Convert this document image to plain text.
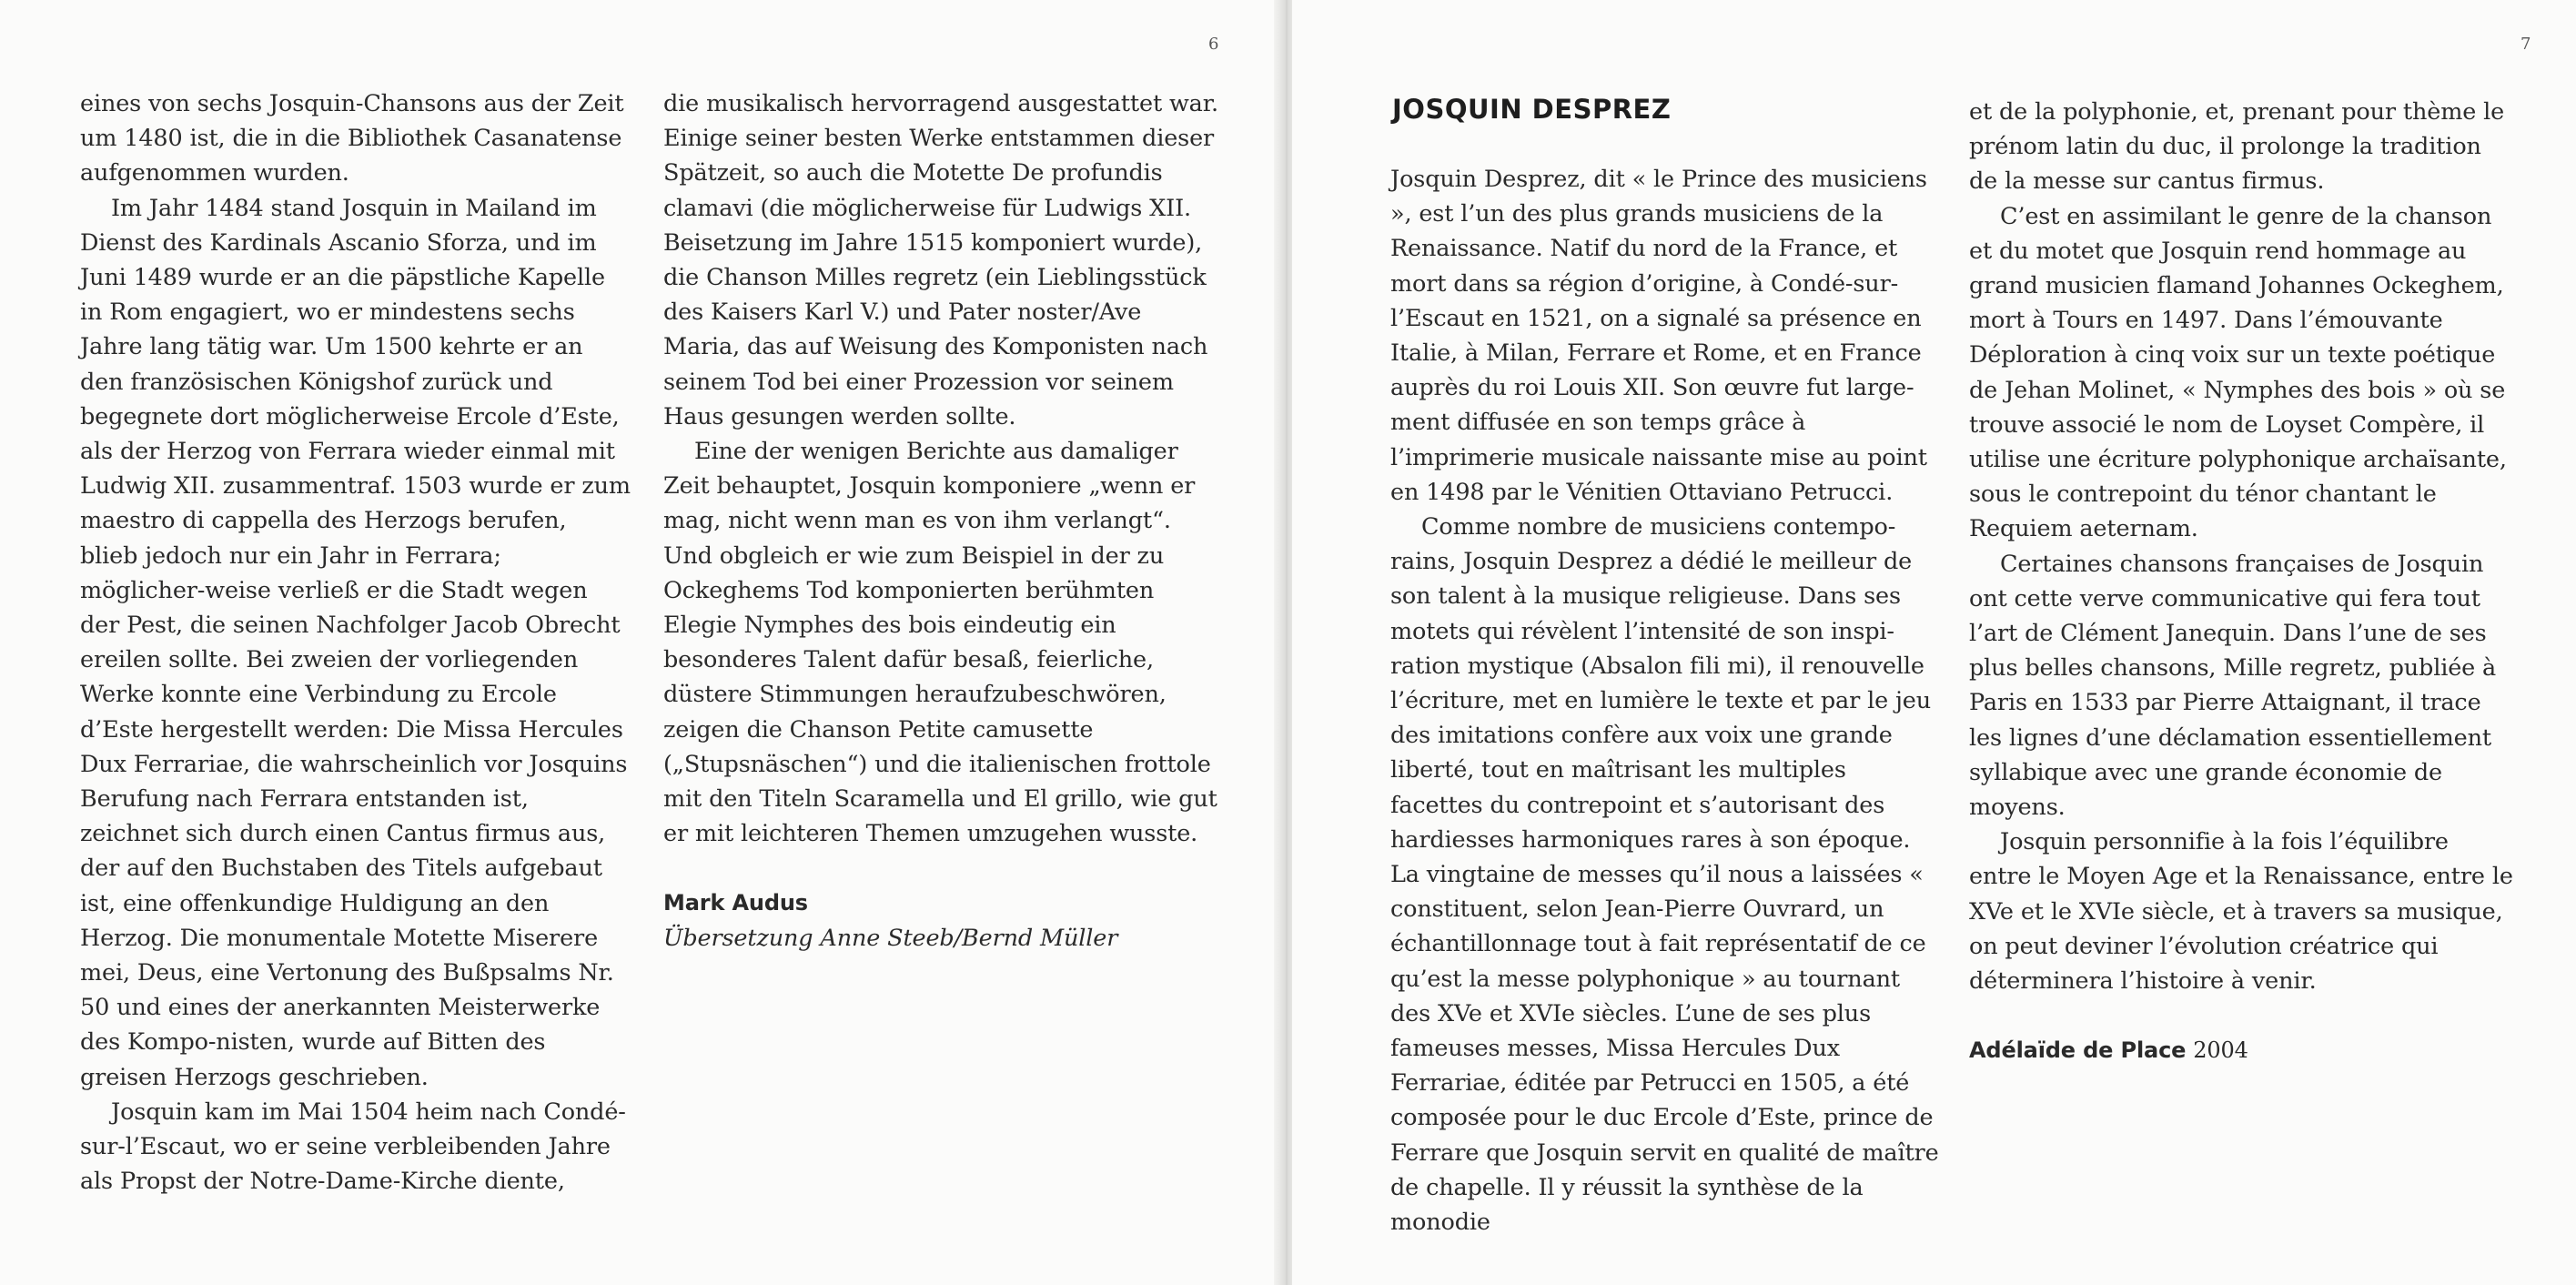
6

eines von sechs Josquin-Chansons aus der Zeit um 1480 ist, die in die Bibliothek Casanatense aufgenommen wurden.

Im Jahr 1484 stand Josquin in Mailand im Dienst des Kardinals Ascanio Sforza, und im Juni 1489 wurde er an die päpstliche Kapelle in Rom engagiert, wo er mindestens sechs Jahre lang tätig war. Um 1500 kehrte er an den französischen Königshof zurück und begegnete dort möglicherweise Ercole d’Este, als der Herzog von Ferrara wieder einmal mit Ludwig XII. zusammentraf. 1503 wurde er zum maestro di cappella des Herzogs berufen, blieb jedoch nur ein Jahr in Ferrara; möglicher-weise verließ er die Stadt wegen der Pest, die seinen Nachfolger Jacob Obrecht ereilen sollte. Bei zweien der vorliegenden Werke konnte eine Verbindung zu Ercole d’Este hergestellt werden: Die Missa Hercules Dux Ferrariae, die wahrscheinlich vor Josquins Berufung nach Ferrara entstanden ist, zeichnet sich durch einen Cantus firmus aus, der auf den Buchstaben des Titels aufgebaut ist, eine offenkundige Huldigung an den Herzog. Die monumentale Motette Miserere mei, Deus, eine Vertonung des Bußpsalms Nr. 50 und eines der anerkannten Meisterwerke des Kompo-nisten, wurde auf Bitten des greisen Herzogs geschrieben.

Josquin kam im Mai 1504 heim nach Condé-sur-l’Escaut, wo er seine verbleibenden Jahre als Propst der Notre-Dame-Kirche diente,

die musikalisch hervorragend ausgestattet war. Einige seiner besten Werke entstammen dieser Spätzeit, so auch die Motette De profundis clamavi (die möglicherweise für Ludwigs XII. Beisetzung im Jahre 1515 komponiert wurde), die Chanson Milles regretz (ein Lieblingsstück des Kaisers Karl V.) und Pater noster/Ave Maria, das auf Weisung des Komponisten nach seinem Tod bei einer Prozession vor seinem Haus gesungen werden sollte.

Eine der wenigen Berichte aus damaliger Zeit behauptet, Josquin komponiere „wenn er mag, nicht wenn man es von ihm verlangt“. Und obgleich er wie zum Beispiel in der zu Ockeghems Tod komponierten berühmten Elegie Nymphes des bois eindeutig ein besonderes Talent dafür besaß, feierliche, düstere Stimmungen heraufzubeschwören, zeigen die Chanson Petite camusette („Stupsnäschen“) und die italienischen frottole mit den Titeln Scaramella und El grillo, wie gut er mit leichteren Themen umzugehen wusste.

Mark Audus

Übersetzung Anne Steeb/Bernd Müller

7
JOSQUIN DESPREZ

Josquin Desprez, dit « le Prince des musiciens », est l’un des plus grands musiciens de la Renaissance. Natif du nord de la France, et mort dans sa région d’origine, à Condé-sur-l’Escaut en 1521, on a signalé sa présence en Italie, à Milan, Ferrare et Rome, et en France auprès du roi Louis XII. Son œuvre fut large-ment diffusée en son temps grâce à l’imprimerie musicale naissante mise au point en 1498 par le Vénitien Ottaviano Petrucci.

Comme nombre de musiciens contempo-rains, Josquin Desprez a dédié le meilleur de son talent à la musique religieuse. Dans ses motets qui révèlent l’intensité de son inspi-ration mystique (Absalon fili mi), il renouvelle l’écriture, met en lumière le texte et par le jeu des imitations confère aux voix une grande liberté, tout en maîtrisant les multiples facettes du contrepoint et s’autorisant des hardiesses harmoniques rares à son époque. La vingtaine de messes qu’il nous a laissées « constituent, selon Jean-Pierre Ouvrard, un échantillonnage tout à fait représentatif de ce qu’est la messe polyphonique » au tournant des XVe et XVIe siècles. L’une de ses plus fameuses messes, Missa Hercules Dux Ferrariae, éditée par Petrucci en 1505, a été composée pour le duc Ercole d’Este, prince de Ferrare que Josquin servit en qualité de maître de chapelle. Il y réussit la synthèse de la monodie

et de la polyphonie, et, prenant pour thème le prénom latin du duc, il prolonge la tradition de la messe sur cantus firmus.

C’est en assimilant le genre de la chanson et du motet que Josquin rend hommage au grand musicien flamand Johannes Ockeghem, mort à Tours en 1497. Dans l’émouvante Déploration à cinq voix sur un texte poétique de Jehan Molinet, « Nymphes des bois » où se trouve associé le nom de Loyset Compère, il utilise une écriture polyphonique archaïsante, sous le contrepoint du ténor chantant le Requiem aeternam.

Certaines chansons françaises de Josquin ont cette verve communicative qui fera tout l’art de Clément Janequin. Dans l’une de ses plus belles chansons, Mille regretz, publiée à Paris en 1533 par Pierre Attaignant, il trace les lignes d’une déclamation essentiellement syllabique avec une grande économie de moyens.

Josquin personnifie à la fois l’équilibre entre le Moyen Age et la Renaissance, entre le XVe et le XVIe siècle, et à travers sa musique, on peut deviner l’évolution créatrice qui déterminera l’histoire à venir.

Adélaïde de Place 2004
